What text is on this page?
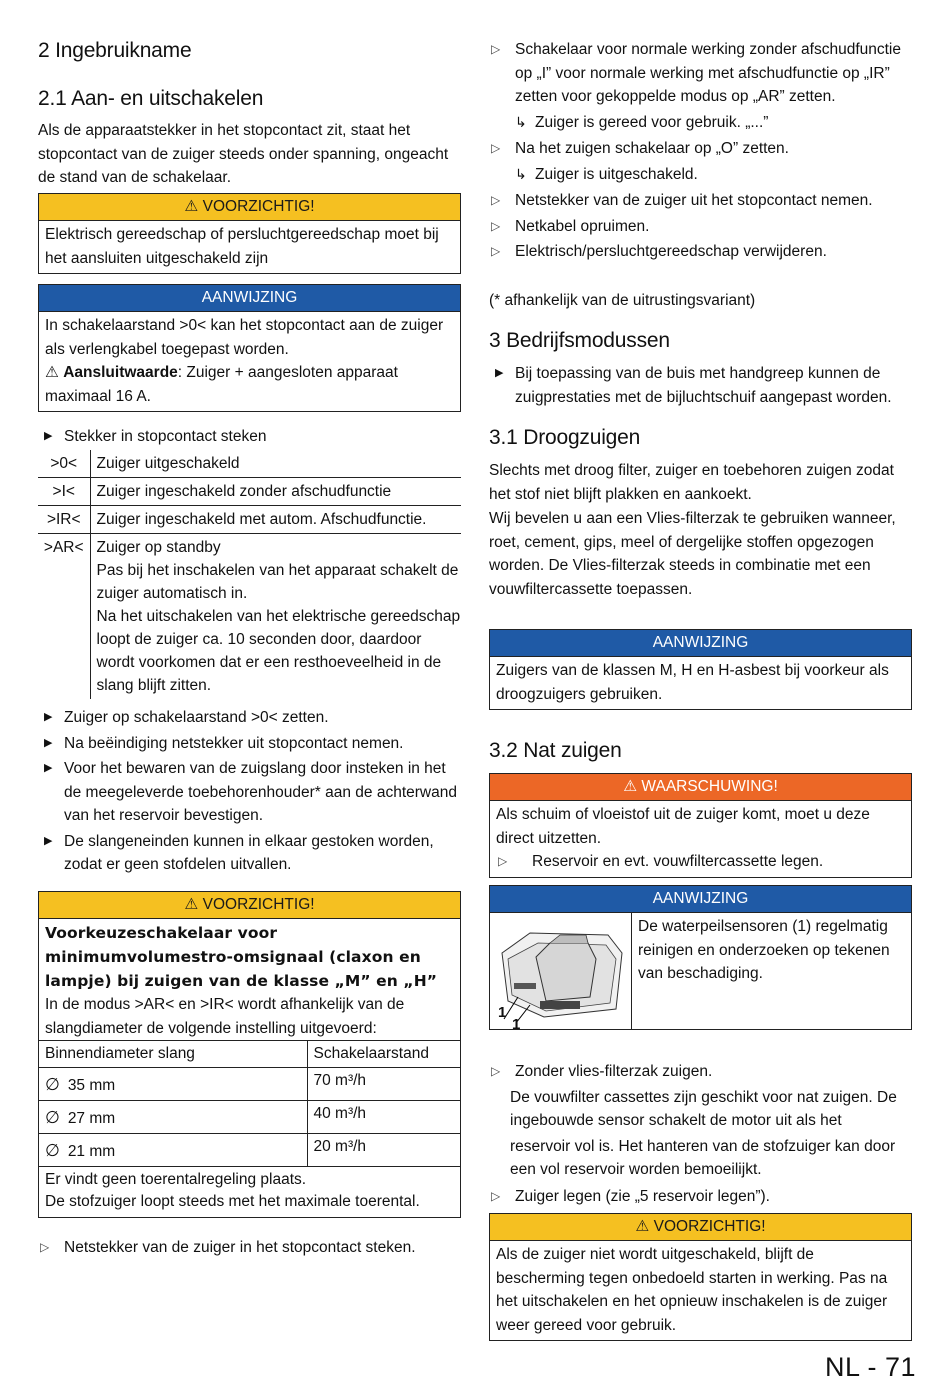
2 Ingebruikname
2.1 Aan- en uitschakelen

Als de apparaatstekker in het stopcontact zit, staat het stopcontact van de zuiger steeds onder spanning, ongeacht de stand van de schakelaar.

⚠ VOORZICHTIG!
Elektrisch gereedschap of persluchtgereedschap moet bij het aansluiten uitgeschakeld zijn
AANWIJZING

In schakelaarstand >0< kan het stopcontact aan de zuiger als verlengkabel toegepast worden.

⚠ Aansluitwaarde: Zuiger + aangesloten apparaat maximaal 16 A.

▶ Stekker in stopcontact steken
>0<	Zuiger uitgeschakeld
>I<	Zuiger ingeschakeld zonder afschudfunctie
>IR<	Zuiger ingeschakeld met autom. Afschudfunctie.
>AR<	Zuiger op standby
Pas bij het inschakelen van het apparaat schakelt de zuiger automatisch in.
Na het uitschakelen van het elektrische gereedschap loopt de zuiger ca. 10 seconden door, daardoor wordt voorkomen dat er een resthoeveelheid in de slang blijft zitten.
▶ Zuiger op schakelaarstand >0< zetten.
▶ Na beëindiging netstekker uit stopcontact nemen.
▶ Voor het bewaren van de zuigslang door insteken in het de meegeleverde toebehorenhouder* aan de achterwand van het reservoir bevestigen.
▶ De slangeneinden kunnen in elkaar gestoken worden, zodat er geen stofdelen uitvallen.
⚠ VOORZICHTIG!

Voorkeuzeschakelaar voor minimumvolumestro-omsignaal (claxon en lampje) bij zuigen van de klasse „M” en „H”

In de modus >AR< en >IR< wordt afhankelijk van de slangdiameter de volgende instelling uitgevoerd:

Binnendiameter slang	Schakelaarstand
∅ 35 mm	70 m³/h
∅ 27 mm	40 m³/h
∅ 21 mm	20 m³/h

Er vindt geen toerentalregeling plaats.
De stofzuiger loopt steeds met het maximale toerental.	
▷ Netstekker van de zuiger in het stopcontact steken.
▷ Schakelaar voor normale werking zonder afschudfunctie op „I” voor normale werking met afschudfunctie op „IR” zetten voor gekoppelde modus op „AR” zetten.
↳ Zuiger is gereed voor gebruik. „...”
▷ Na het zuigen schakelaar op „O” zetten.
↳ Zuiger is uitgeschakeld.
▷ Netstekker van de zuiger uit het stopcontact nemen.
▷ Netkabel opruimen.
▷ Elektrisch/persluchtgereedschap verwijderen.

(* afhankelijk van de uitrustingsvariant)

3 Bedrijfsmodussen
▶ Bij toepassing van de buis met handgreep kunnen de zuigprestaties met de bijluchtschuif aangepast worden.
3.1 Droogzuigen

Slechts met droog filter, zuiger en toebehoren zuigen zodat het stof niet blijft plakken en aankoekt.

Wij bevelen u aan een Vlies-filterzak te gebruiken wanneer, roet, cement, gips, meel of dergelijke stoffen opgezogen worden. De Vlies-filterzak steeds in combinatie met een vouwfiltercassette toepassen.

AANWIJZING
Zuigers van de klassen M, H en H-asbest bij voorkeur als droogzuigers gebruiken.
3.2 Nat zuigen
⚠ WAARSCHUWING!

Als schuim of vloeistof uit de zuiger komt, moet u deze direct uitzetten.

▷ Reservoir en evt. vouwfiltercassette legen.
AANWIJZING
1
1
De waterpeilsensoren (1) regelmatig reinigen en onderzoeken op tekenen van beschadiging.
▷ Zonder vlies-filterzak zuigen.
De vouwfilter cassettes zijn geschikt voor nat zuigen. De ingebouwde sensor schakelt de motor uit als het
reservoir vol is. Het hanteren van de stofzuiger kan door een vol reservoir worden bemoeilijkt.
▷ Zuiger legen (zie „5 reservoir legen”).
⚠ VOORZICHTIG!
Als de zuiger niet wordt uitgeschakeld, blijft de bescherming tegen onbedoeld starten in werking. Pas na het uitschakelen en het opnieuw inschakelen is de zuiger weer gereed voor gebruik.
NL - 71
